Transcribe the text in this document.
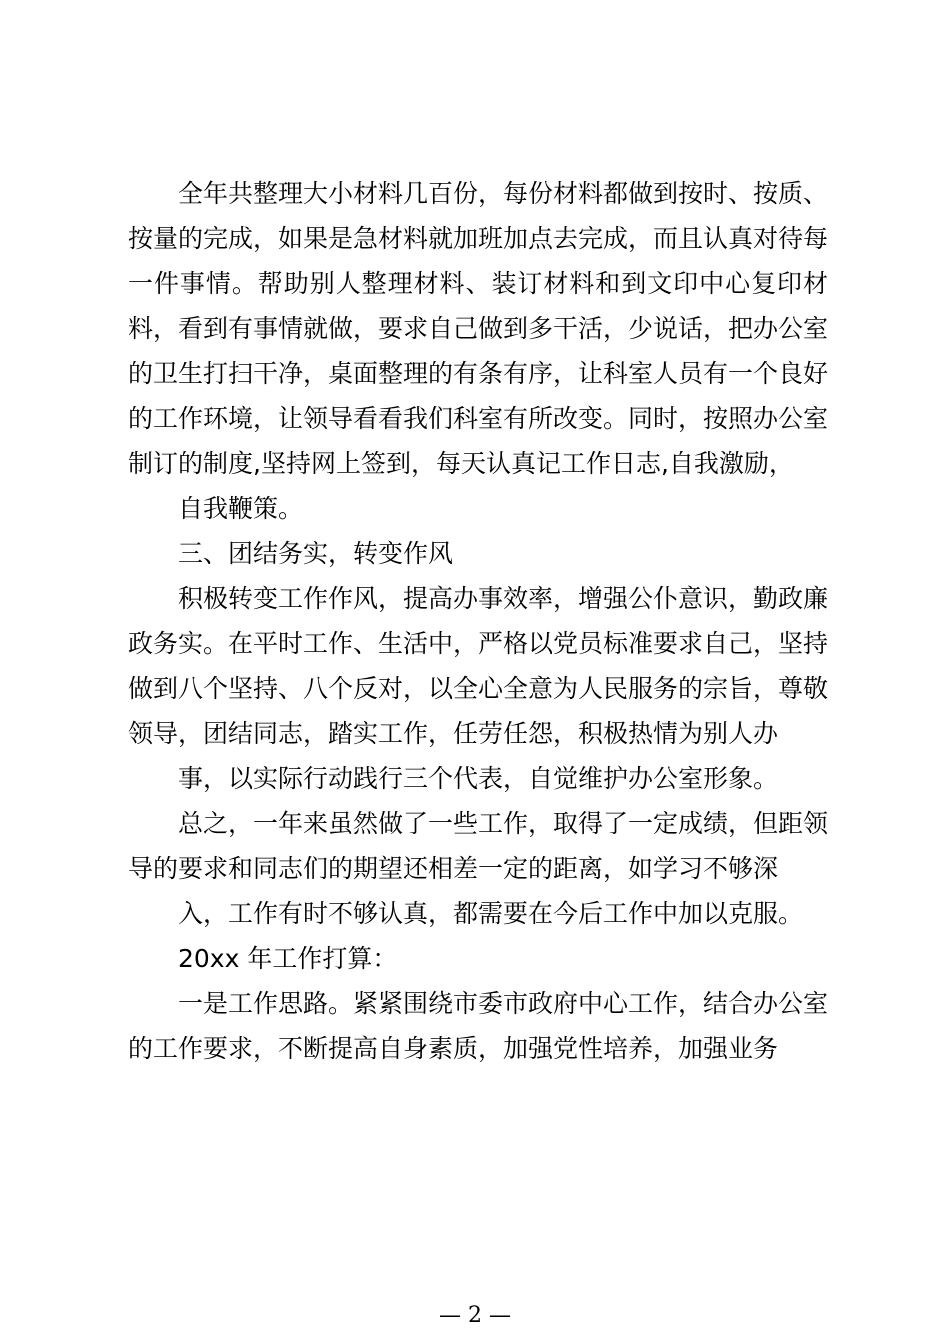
全年共整理大小材料几百份，每份材料都做到按时、按质、按量的完成，如果是急材料就加班加点去完成，而且认真对待每一件事情。帮助别人整理材料、装订材料和到文印中心复印材料，看到有事情就做，要求自己做到多干活，少说话，把办公室的卫生打扫干净，桌面整理的有条有序，让科室人员有一个良好的工作环境，让领导看看我们科室有所改变。同时，按照办公室制订的制度,坚持网上签到，每天认真记工作日志,自我激励，

自我鞭策。

三、团结务实，转变作风

积极转变工作作风，提高办事效率，增强公仆意识，勤政廉政务实。在平时工作、生活中，严格以党员标准要求自己，坚持做到八个坚持、八个反对，以全心全意为人民服务的宗旨，尊敬领导，团结同志，踏实工作，任劳任怨，积极热情为别人办

事，以实际行动践行三个代表，自觉维护办公室形象。

总之，一年来虽然做了一些工作，取得了一定成绩，但距领导的要求和同志们的期望还相差一定的距离，如学习不够深

入，工作有时不够认真，都需要在今后工作中加以克服。

20xx 年工作打算：

一是工作思路。紧紧围绕市委市政府中心工作，结合办公室的工作要求，不断提高自身素质，加强党性培养，加强业务

— 2 —
